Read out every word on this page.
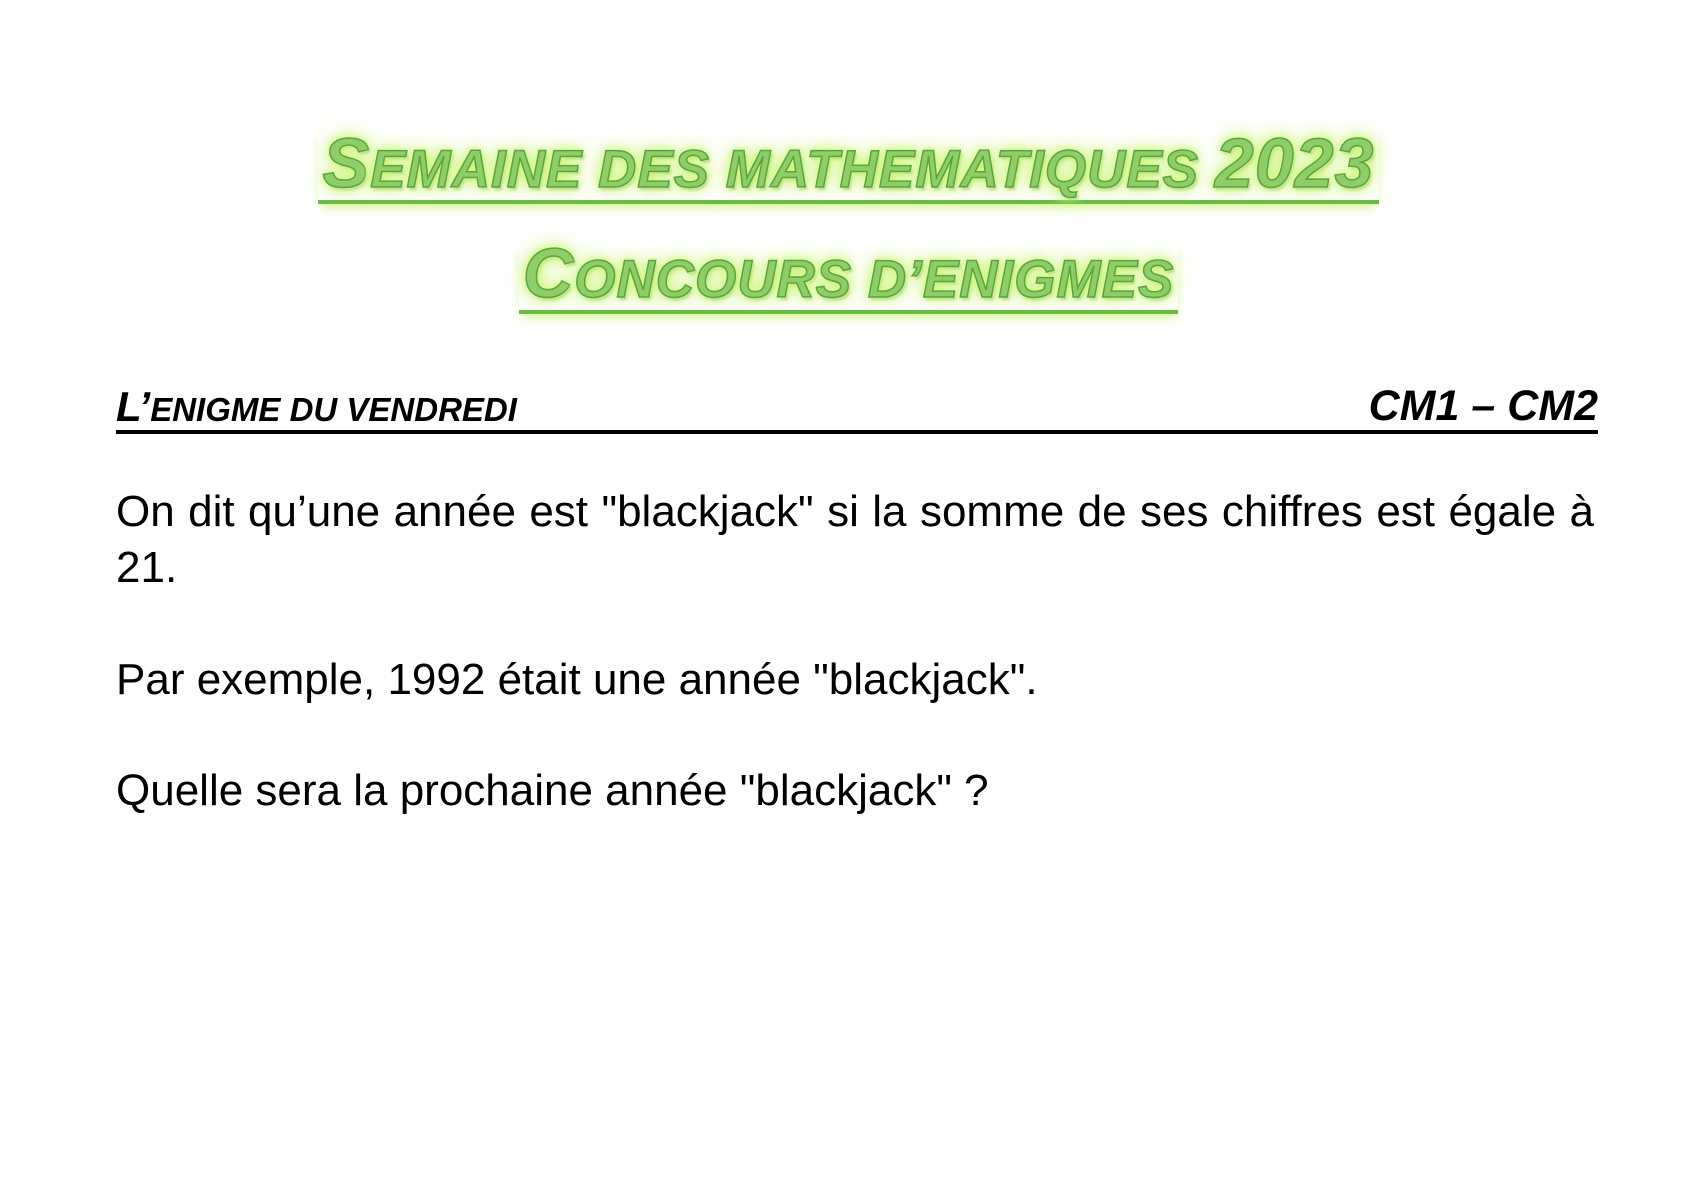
SEMAINE DES MATHEMATIQUES 2023
CONCOURS D’ENIGMES
L’ENIGME DU VENDREDI	CM1 – CM2
On dit qu’une année est "blackjack" si la somme de ses chiffres est égale à 21.
Par exemple, 1992 était une année "blackjack".
Quelle sera la prochaine année "blackjack" ?
